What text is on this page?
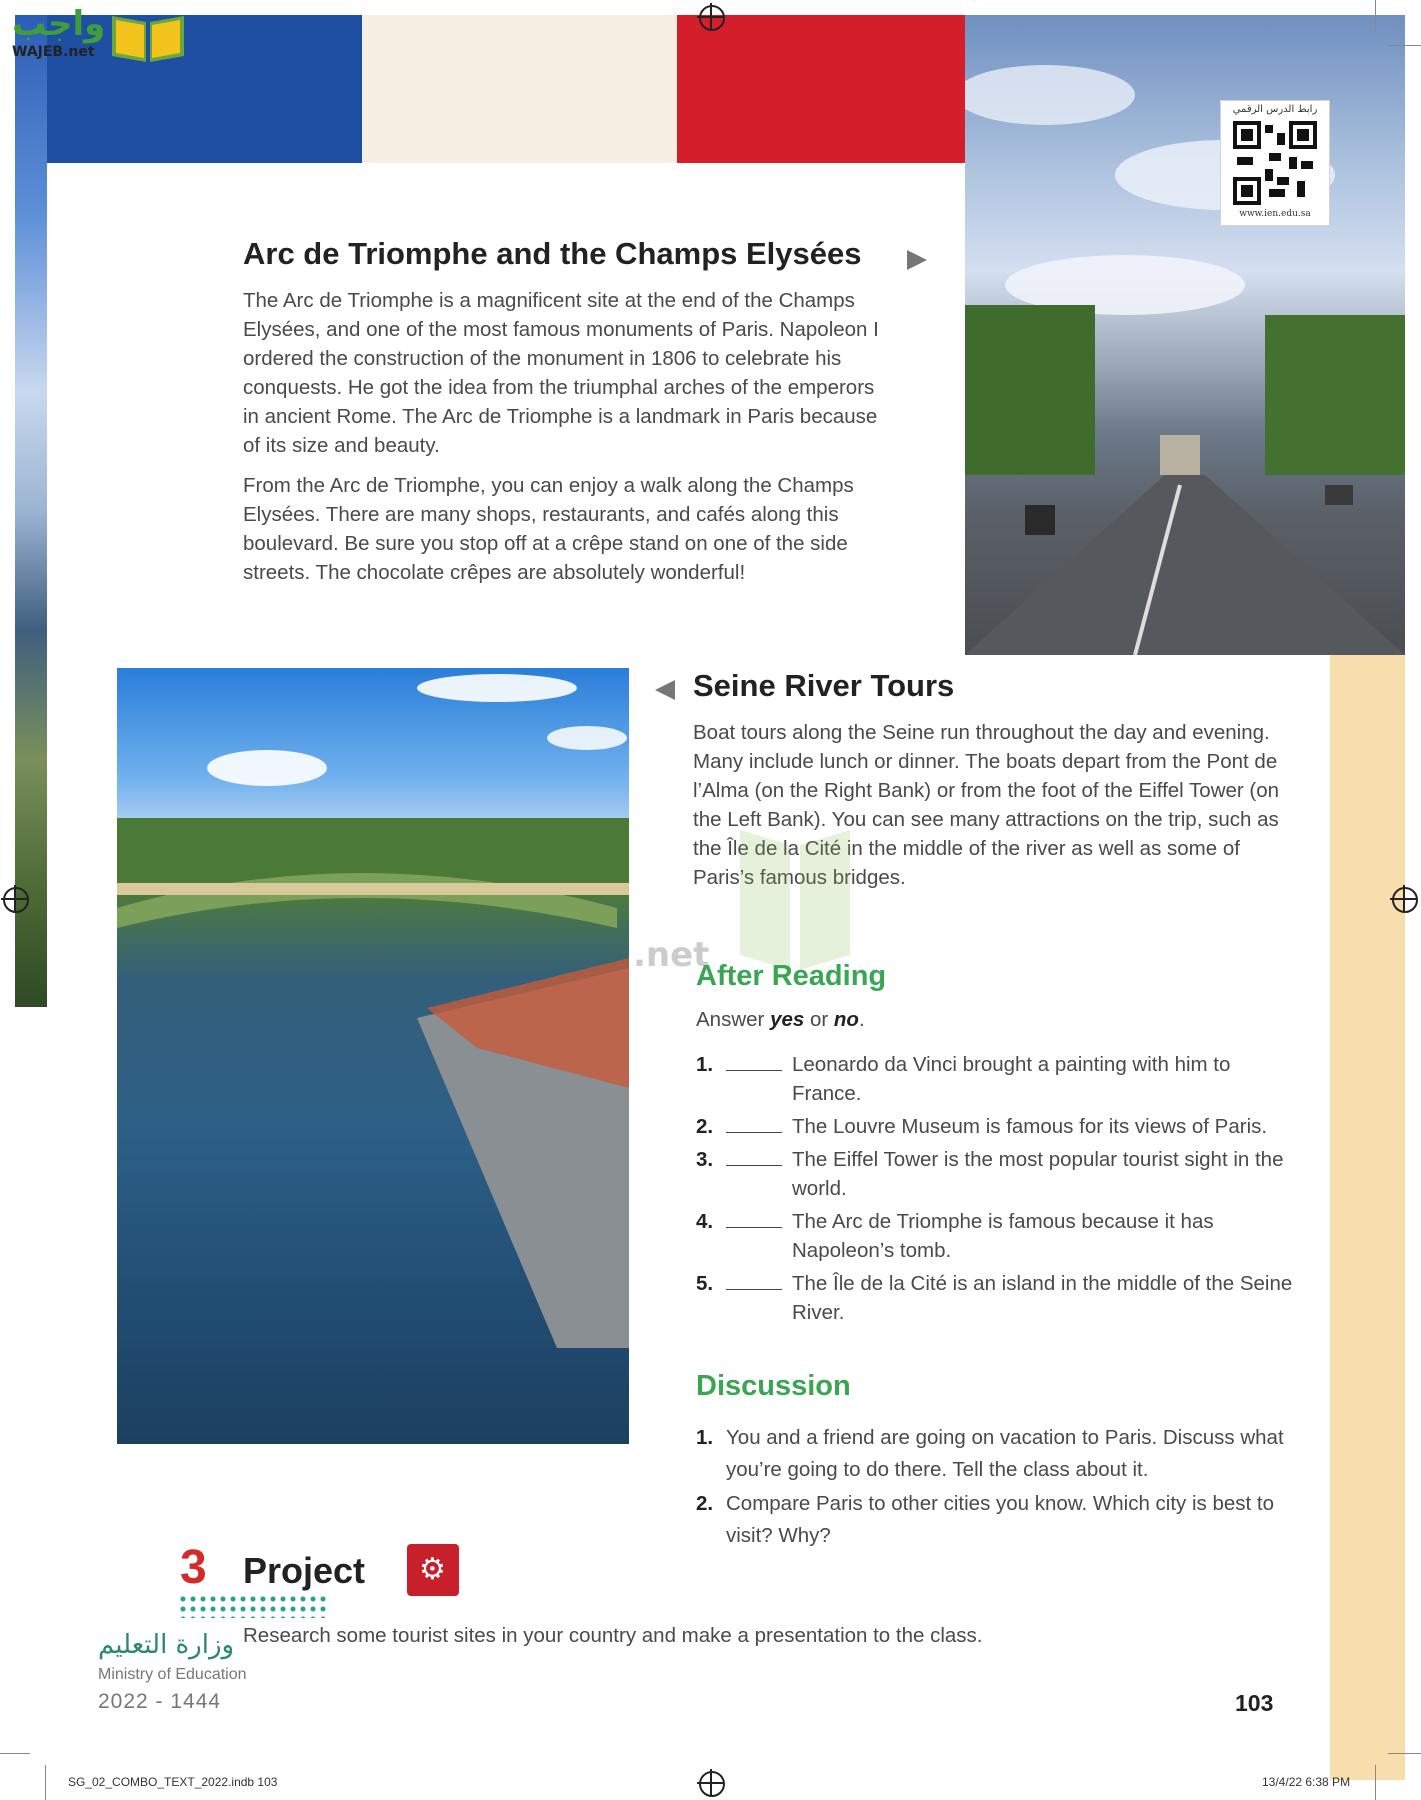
واجب
WAJEB.net
رابط الدرس الرقمي
www.ien.edu.sa
Arc de Triomphe and the Champs Elysées

The Arc de Triomphe is a magnificent site at the end of the Champs Elysées, and one of the most famous monuments of Paris. Napoleon I ordered the construction of the monument in 1806 to celebrate his conquests. He got the idea from the triumphal arches of the emperors in ancient Rome. The Arc de Triomphe is a landmark in Paris because of its size and beauty.

From the Arc de Triomphe, you can enjoy a walk along the Champs Elysées. There are many shops, restaurants, and cafés along this boulevard. Be sure you stop off at a crêpe stand on one of the side streets. The chocolate crêpes are absolutely wonderful!

Seine River Tours

Boat tours along the Seine run throughout the day and evening. Many include lunch or dinner. The boats depart from the Pont de l’Alma (on the Right Bank) or from the foot of the Eiffel Tower (on the Left Bank). You can see many attractions on the trip, such as the Île de la Cité in the middle of the river as well as some of Paris’s famous bridges.

.net
After Reading
Answer yes or no.
1.	Leonardo da Vinci brought a painting with him to France.
2.	The Louvre Museum is famous for its views of Paris.
3.	The Eiffel Tower is the most popular tourist sight in the world.
4.	The Arc de Triomphe is famous because it has Napoleon’s tomb.
5.	The Île de la Cité is an island in the middle of the Seine River.
Discussion
1. You and a friend are going on vacation to Paris. Discuss what you’re going to do there. Tell the class about it.
2. Compare Paris to other cities you know. Which city is best to visit? Why?
3 Project ⚙
Research some tourist sites in your country and make a presentation to the class.
وزارة التعليم
Ministry of Education
2022 - 1444	103
SG_02_COMBO_TEXT_2022.indb 103	13/4/22 6:38 PM
